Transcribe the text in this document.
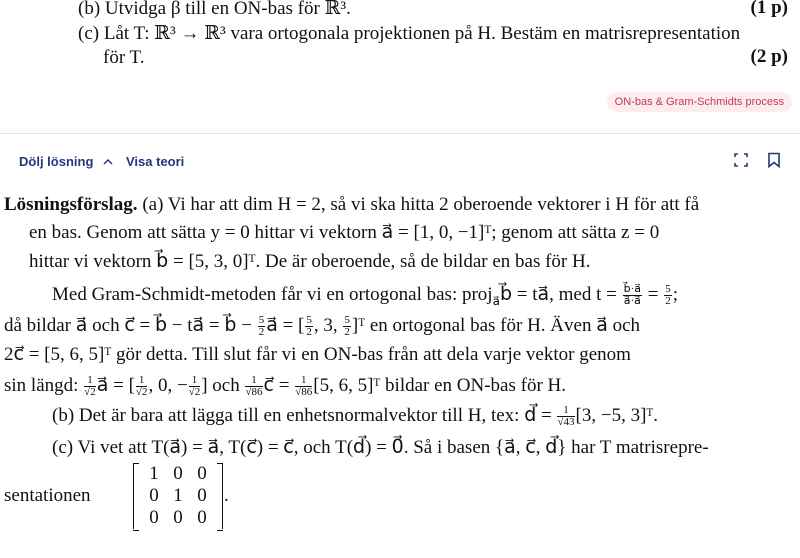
(b) Utvidga β till en ON-bas för ℝ³.	(1 p)
(c) Låt T: ℝ³ → ℝ³ vara ortogonala projektionen på H. Bestäm en matrisrepresentation
för T.	(2 p)
ON-bas & Gram-Schmidts process
Dölj lösning	Visa teori
Lösningsförslag. (a) Vi har att dim H = 2, så vi ska hitta 2 oberoende vektorer i H för att få
en bas. Genom att sätta y = 0 hittar vi vektorn a⃗ = [1, 0, −1]ᵀ; genom att sätta z = 0
hittar vi vektorn b⃗ = [5, 3, 0]ᵀ. De är oberoende, så de bildar en bas för H.
Med Gram-Schmidt-metoden får vi en ortogonal bas: proj$_{a⃗}$b⃗ = ta⃗, med $t = \frac{b⃗\cdot a⃗}{a⃗\cdot a⃗} = \frac{5}{2}$ ;
då bildar a⃗ och c⃗ = b⃗ − ta⃗ = b⃗ − $\frac{5}{2}$ a⃗ = [ $\frac{5}{2}$ , 3, $\frac{5}{2}$ ]ᵀ en ortogonal bas för H. Även a⃗ och
2c⃗ = [5, 6, 5]ᵀ gör detta. Till slut får vi en ON-bas från att dela varje vektor genom
sin längd: $\frac{1}{√2}$ a⃗ = [ $\frac{1}{√2}$ , 0, − $\frac{1}{√2}$ ] och $\frac{1}{√86}$ c⃗ = $\frac{1}{√86} [5$, 6, 5]ᵀ bildar en ON-bas för H.
(b) Det är bara att lägga till en enhetsnormalvektor till H, tex: d⃗ = $\frac{1}{√43} [3$, −5, 3]ᵀ.
(c) Vi vet att T(a⃗) = a⃗, T(c⃗) = c⃗, och T(d⃗) = 0⃗. Så i basen {a⃗, c⃗, d⃗} har T matrisrepre-
sentationen
1 0 0
0 1 0
0 0 0
.
